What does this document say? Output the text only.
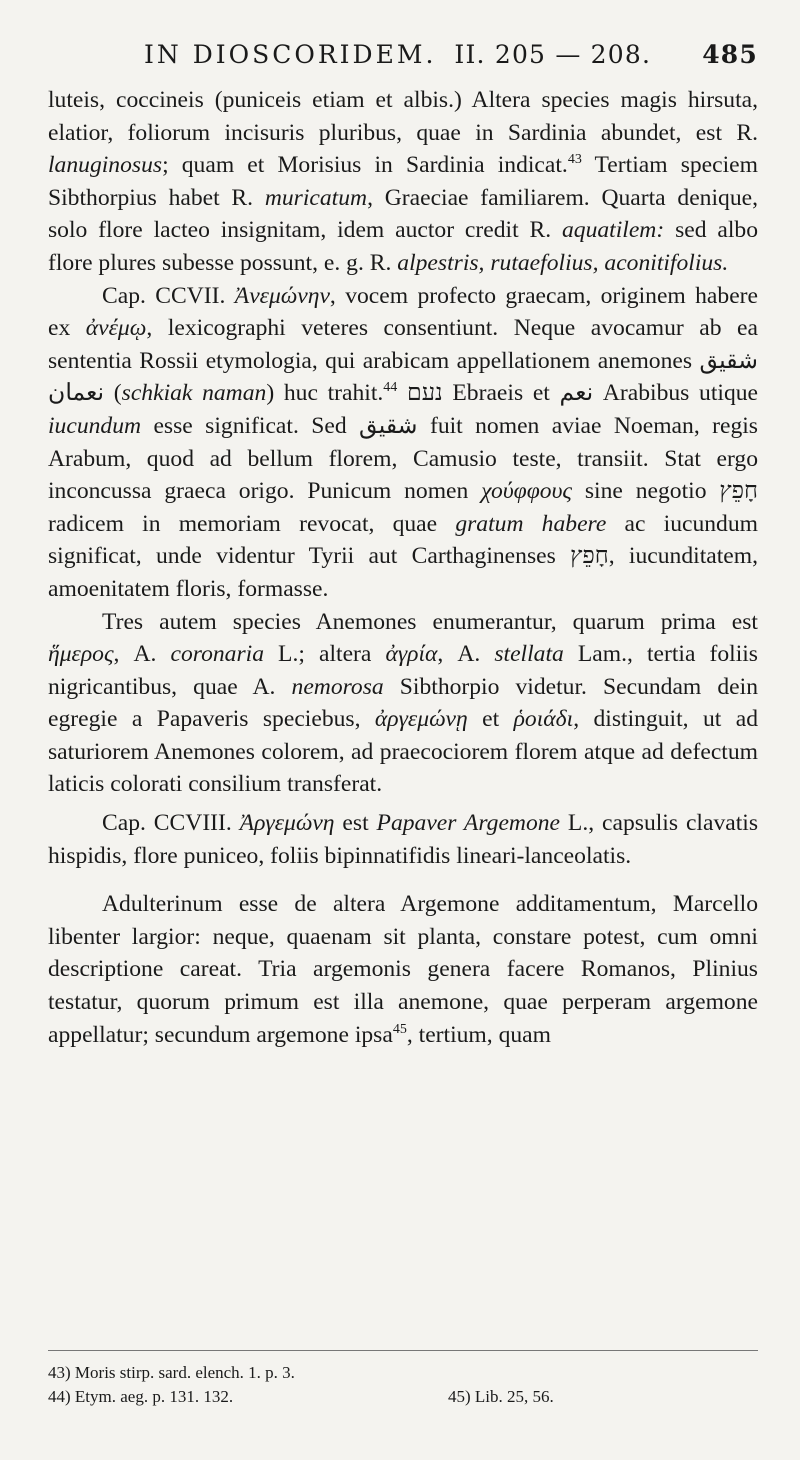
IN DIOSCORIDEM. II. 205 — 208.	485

luteis, coccineis (puniceis etiam et albis.) Altera species magis hirsuta, elatior, foliorum incisuris pluribus, quae in Sardinia abundet, est R. lanuginosus; quam et Morisius in Sardinia indicat.$^{43}$ Tertiam speciem Sibthorpius habet R. muricatum, Graeciae familiarem. Quarta denique, solo flore lacteo insignitam, idem auctor credit R. aquatilem: sed albo flore plures subesse possunt, e. g. R. alpestris, rutaefolius, aconitifolius.

Cap. CCVII. Ἀνεμώνην, vocem profecto graecam, originem habere ex ἀνέμῳ, lexicographi veteres consentiunt. Neque avocamur ab ea sententia Rossii etymologia, qui arabicam appellationem anemones شقيق نعمان (schkiak naman) huc trahit.$^{44}$ נעם Ebraeis et نعم Arabibus utique iucundum esse significat. Sed شقيق fuit nomen aviae Noeman, regis Arabum, quod ad bellum florem, Camusio teste, transiit. Stat ergo inconcussa graeca origo. Punicum nomen χούφφους sine negotio חָפֵץ radicem in memoriam revocat, quae gratum habere ac iucundum significat, unde videntur Tyrii aut Carthaginenses חָפֵץ, iucunditatem, amoenitatem floris, formasse.

Tres autem species Anemones enumerantur, quarum prima est ἥμερος, A. coronaria L.; altera ἀγρία, A. stellata Lam., tertia foliis nigricantibus, quae A. nemorosa Sibthorpio videtur. Secundam dein egregie a Papaveris speciebus, ἀργεμώνῃ et ῥοιάδι, distinguit, ut ad saturiorem Anemones colorem, ad praecociorem florem atque ad defectum laticis colorati consilium transferat.

Cap. CCVIII. Ἀργεμώνη est Papaver Argemone L., capsulis clavatis hispidis, flore puniceo, foliis bipinnatifidis lineari-lanceolatis.

Adulterinum esse de altera Argemone additamentum, Marcello libenter largior: neque, quaenam sit planta, constare potest, cum omni descriptione careat. Tria argemonis genera facere Romanos, Plinius testatur, quorum primum est illa anemone, quae perperam argemone appellatur; secundum argemone ipsa$^{45}$, tertium, quam

43) Moris stirp. sard. elench. 1. p. 3.
44) Etym. aeg. p. 131. 132.	45) Lib. 25, 56.
